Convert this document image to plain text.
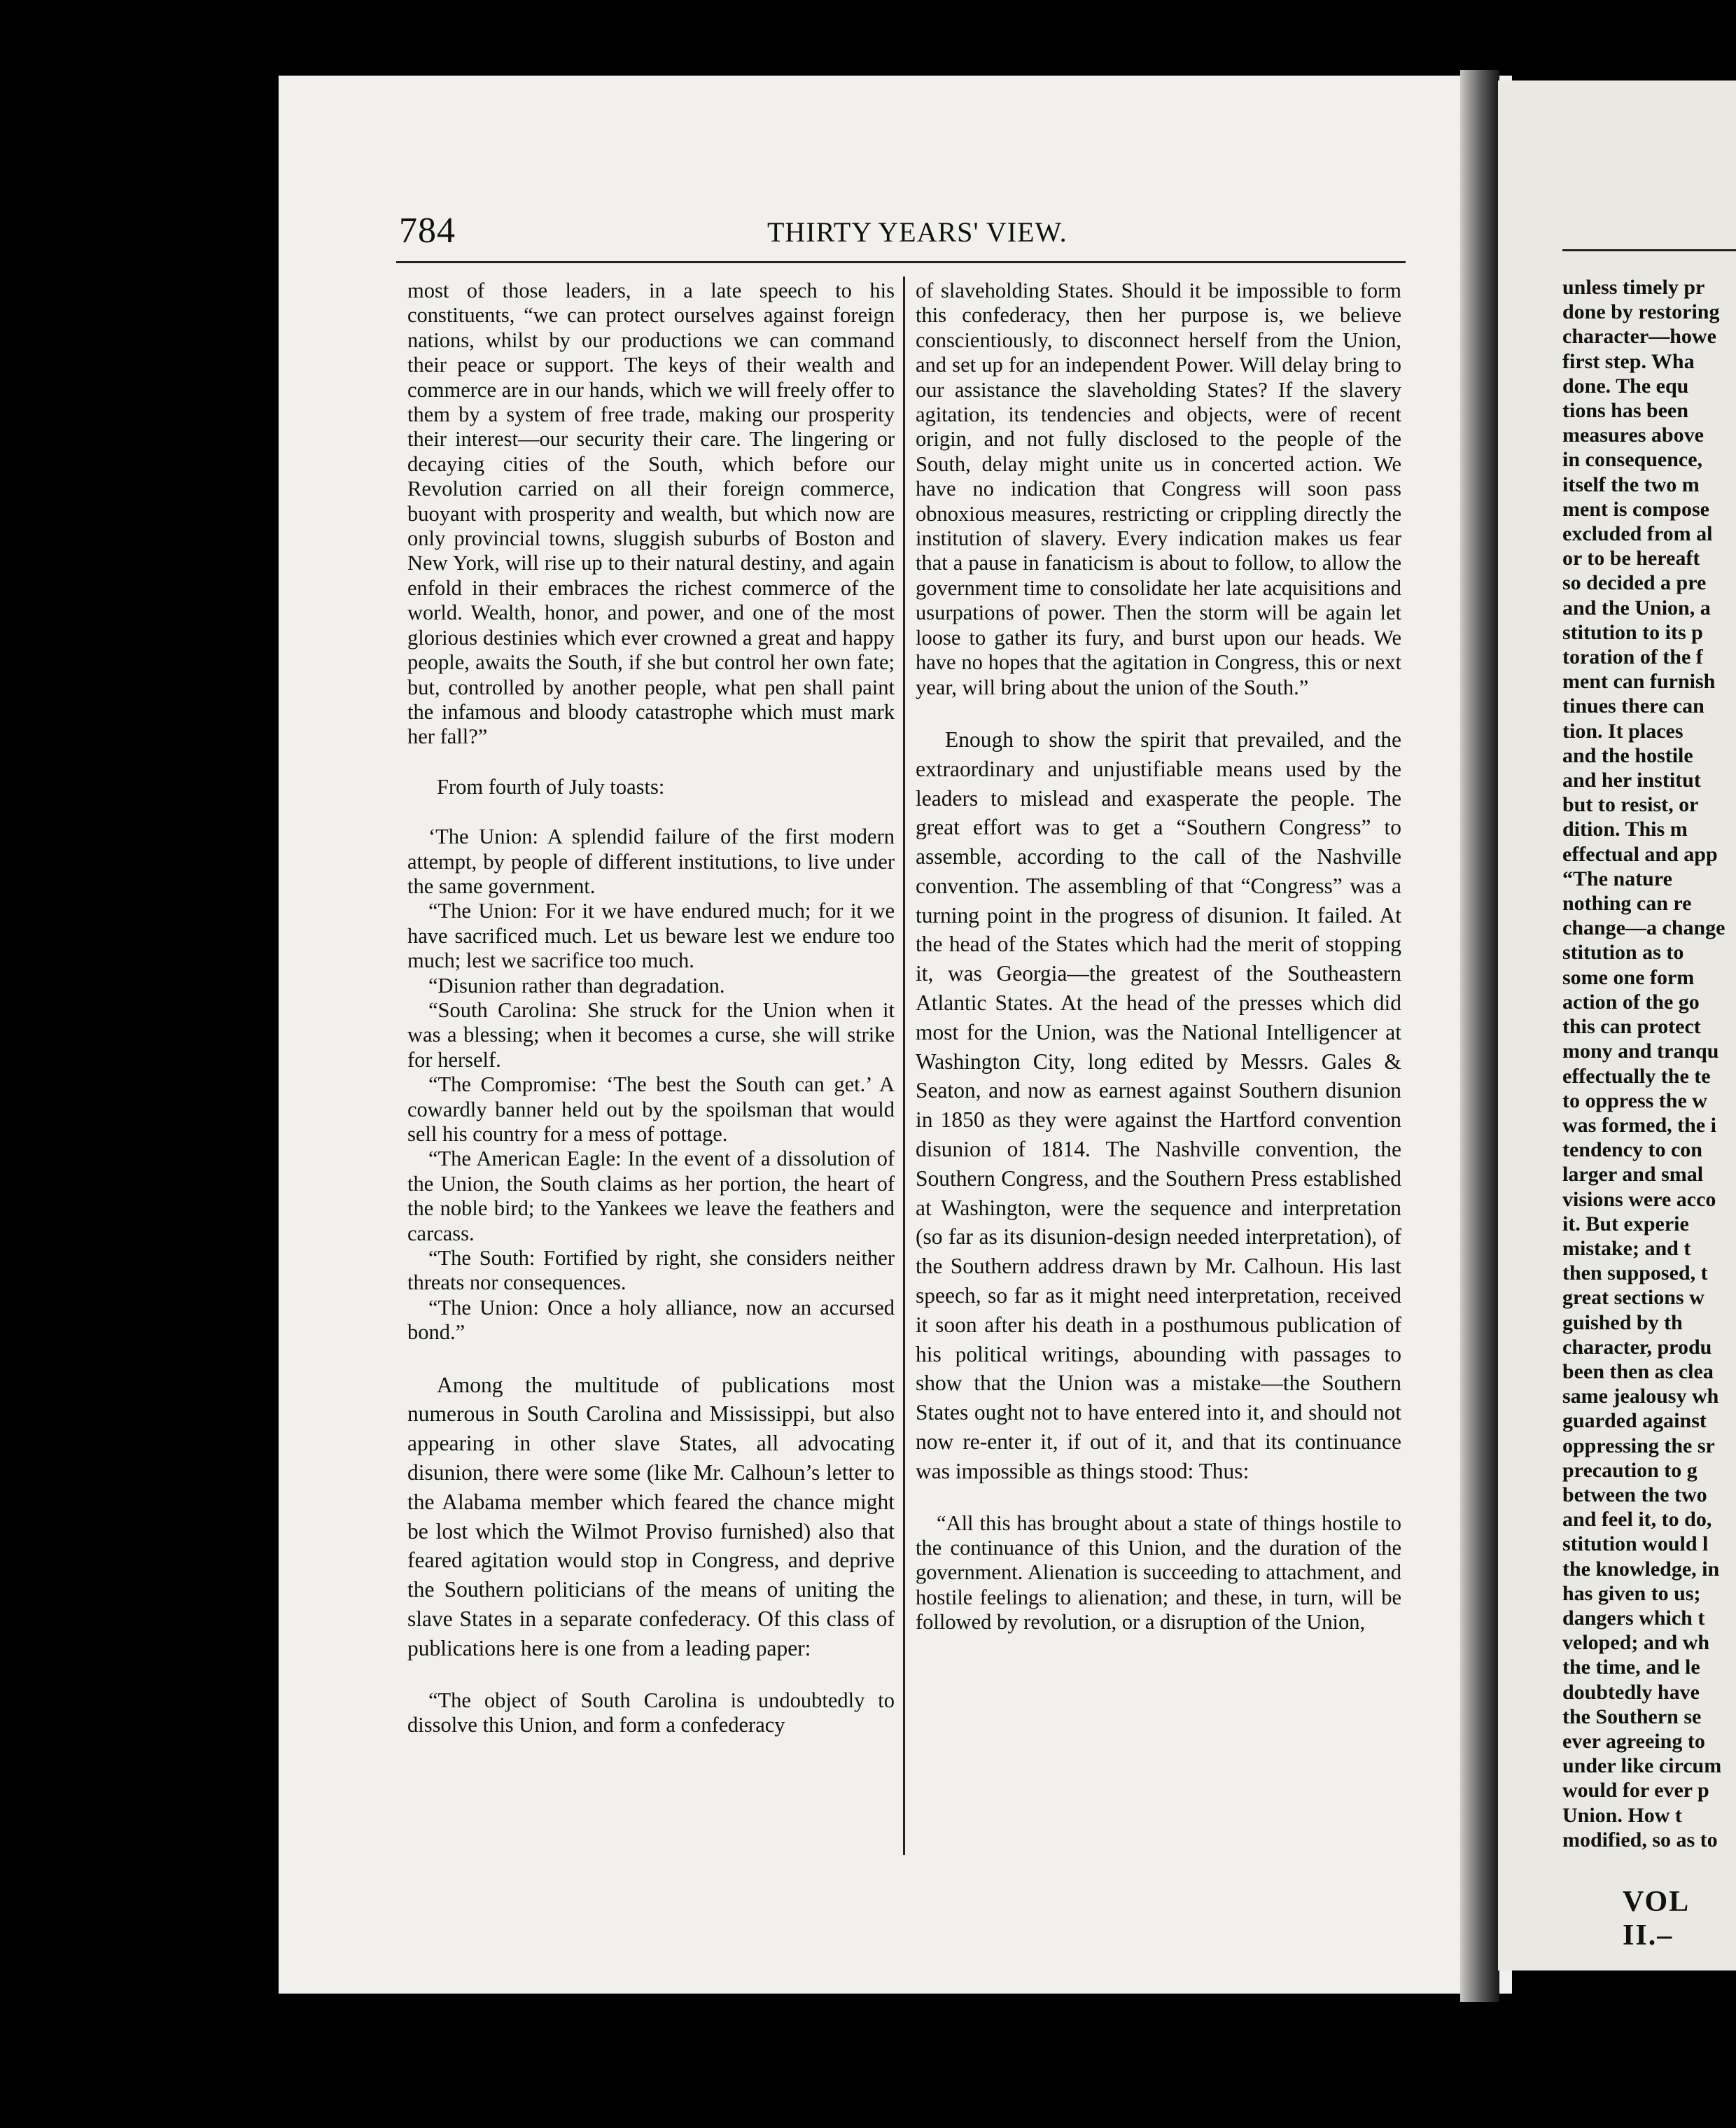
784	THIRTY YEARS' VIEW.

most of those leaders, in a late speech to his constituents, “we can protect ourselves against foreign nations, whilst by our productions we can command their peace or support. The keys of their wealth and commerce are in our hands, which we will freely offer to them by a system of free trade, making our prosperity their interest—our security their care. The lingering or decaying cities of the South, which before our Revolution carried on all their foreign commerce, buoyant with prosperity and wealth, but which now are only provincial towns, sluggish suburbs of Boston and New York, will rise up to their natural destiny, and again enfold in their embraces the richest commerce of the world. Wealth, honor, and power, and one of the most glorious destinies which ever crowned a great and happy people, awaits the South, if she but control her own fate; but, controlled by another people, what pen shall paint the infamous and bloody catastrophe which must mark her fall?”

From fourth of July toasts:

‘The Union: A splendid failure of the first modern attempt, by people of different institutions, to live under the same government.

“The Union: For it we have endured much; for it we have sacrificed much. Let us beware lest we endure too much; lest we sacrifice too much.

“Disunion rather than degradation.

“South Carolina: She struck for the Union when it was a blessing; when it becomes a curse, she will strike for herself.

“The Compromise: ‘The best the South can get.’ A cowardly banner held out by the spoilsman that would sell his country for a mess of pottage.

“The American Eagle: In the event of a dissolution of the Union, the South claims as her portion, the heart of the noble bird; to the Yankees we leave the feathers and carcass.

“The South: Fortified by right, she considers neither threats nor consequences.

“The Union: Once a holy alliance, now an accursed bond.”

Among the multitude of publications most numerous in South Carolina and Mississippi, but also appearing in other slave States, all advocating disunion, there were some (like Mr. Calhoun’s letter to the Alabama member which feared the chance might be lost which the Wilmot Proviso furnished) also that feared agitation would stop in Congress, and deprive the Southern politicians of the means of uniting the slave States in a separate confederacy. Of this class of publications here is one from a leading paper:

“The object of South Carolina is undoubtedly to dissolve this Union, and form a confederacy

of slaveholding States. Should it be impossible to form this confederacy, then her purpose is, we believe conscientiously, to disconnect herself from the Union, and set up for an independent Power. Will delay bring to our assistance the slaveholding States? If the slavery agitation, its tendencies and objects, were of recent origin, and not fully disclosed to the people of the South, delay might unite us in concerted action. We have no indication that Congress will soon pass obnoxious measures, restricting or crippling directly the institution of slavery. Every indication makes us fear that a pause in fanaticism is about to follow, to allow the government time to consolidate her late acquisitions and usurpations of power. Then the storm will be again let loose to gather its fury, and burst upon our heads. We have no hopes that the agitation in Congress, this or next year, will bring about the union of the South.”

Enough to show the spirit that prevailed, and the extraordinary and unjustifiable means used by the leaders to mislead and exasperate the people. The great effort was to get a “Southern Congress” to assemble, according to the call of the Nashville convention. The assembling of that “Congress” was a turning point in the progress of disunion. It failed. At the head of the States which had the merit of stopping it, was Georgia—the greatest of the Southeastern Atlantic States. At the head of the presses which did most for the Union, was the National Intelligencer at Washington City, long edited by Messrs. Gales & Seaton, and now as earnest against Southern disunion in 1850 as they were against the Hartford convention disunion of 1814. The Nashville convention, the Southern Congress, and the Southern Press established at Washington, were the sequence and interpretation (so far as its disunion-design needed interpretation), of the Southern address drawn by Mr. Calhoun. His last speech, so far as it might need interpretation, received it soon after his death in a posthumous publication of his political writings, abounding with passages to show that the Union was a mistake—the Southern States ought not to have entered into it, and should not now re-enter it, if out of it, and that its continuance was impossible as things stood: Thus:

“All this has brought about a state of things hostile to the continuance of this Union, and the duration of the government. Alienation is succeeding to attachment, and hostile feelings to alienation; and these, in turn, will be followed by revolution, or a disruption of the Union,

unless timely pr
done by restoring
character—howe
first step. Wha
done. The equ
tions has been
measures above
in consequence,
itself the two m
ment is compose
excluded from al
or to be hereaft
so decided a pre
and the Union, a
stitution to its p
toration of the f
ment can furnish
tinues there can
tion. It places
and the hostile
and her institut
but to resist, or
dition. This m
effectual and app
“The nature
nothing can re
change—a change
stitution as to
some one form
action of the go
this can protect
mony and tranqu
effectually the te
to oppress the w
was formed, the i
tendency to con
larger and smal
visions were acco
it. But experie
mistake; and t
then supposed, t
great sections w
guished by th
character, produ
been then as clea
same jealousy wh
guarded against
oppressing the sr
precaution to g
between the two
and feel it, to do,
stitution would l
the knowledge, in
has given to us;
dangers which t
veloped; and wh
the time, and le
doubtedly have
the Southern se
ever agreeing to
under like circum
would for ever p
Union. How t
modified, so as to
VOL II.–
